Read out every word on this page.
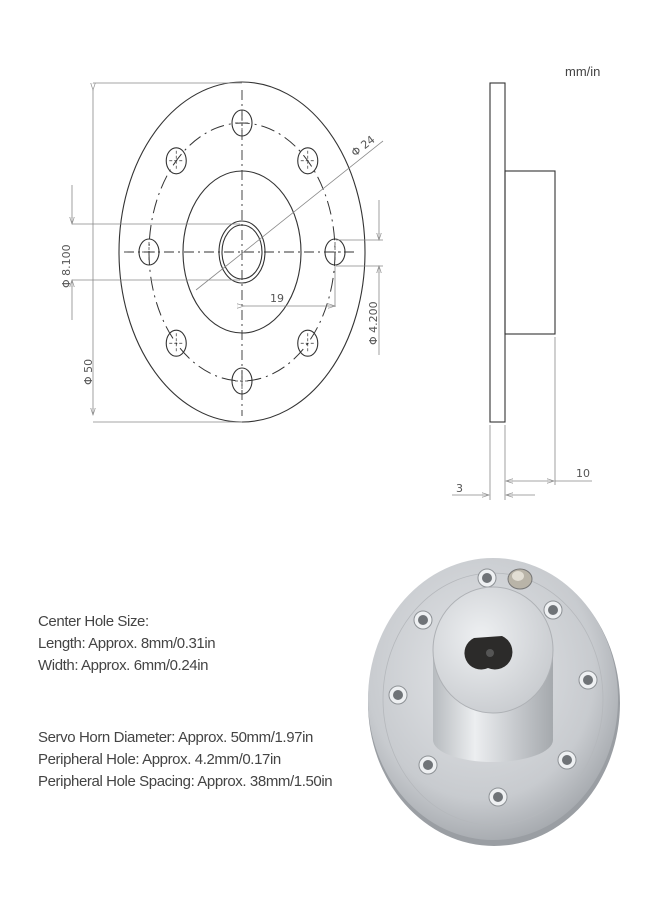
mm/in
Φ 50
Φ 8.100
Φ 4.200
Φ 24
19
10
3
Center Hole Size:
Length: Approx. 8mm/0.31in
Width: Approx. 6mm/0.24in
Servo Horn Diameter: Approx. 50mm/1.97in
Peripheral Hole: Approx. 4.2mm/0.17in
Peripheral Hole Spacing: Approx. 38mm/1.50in
